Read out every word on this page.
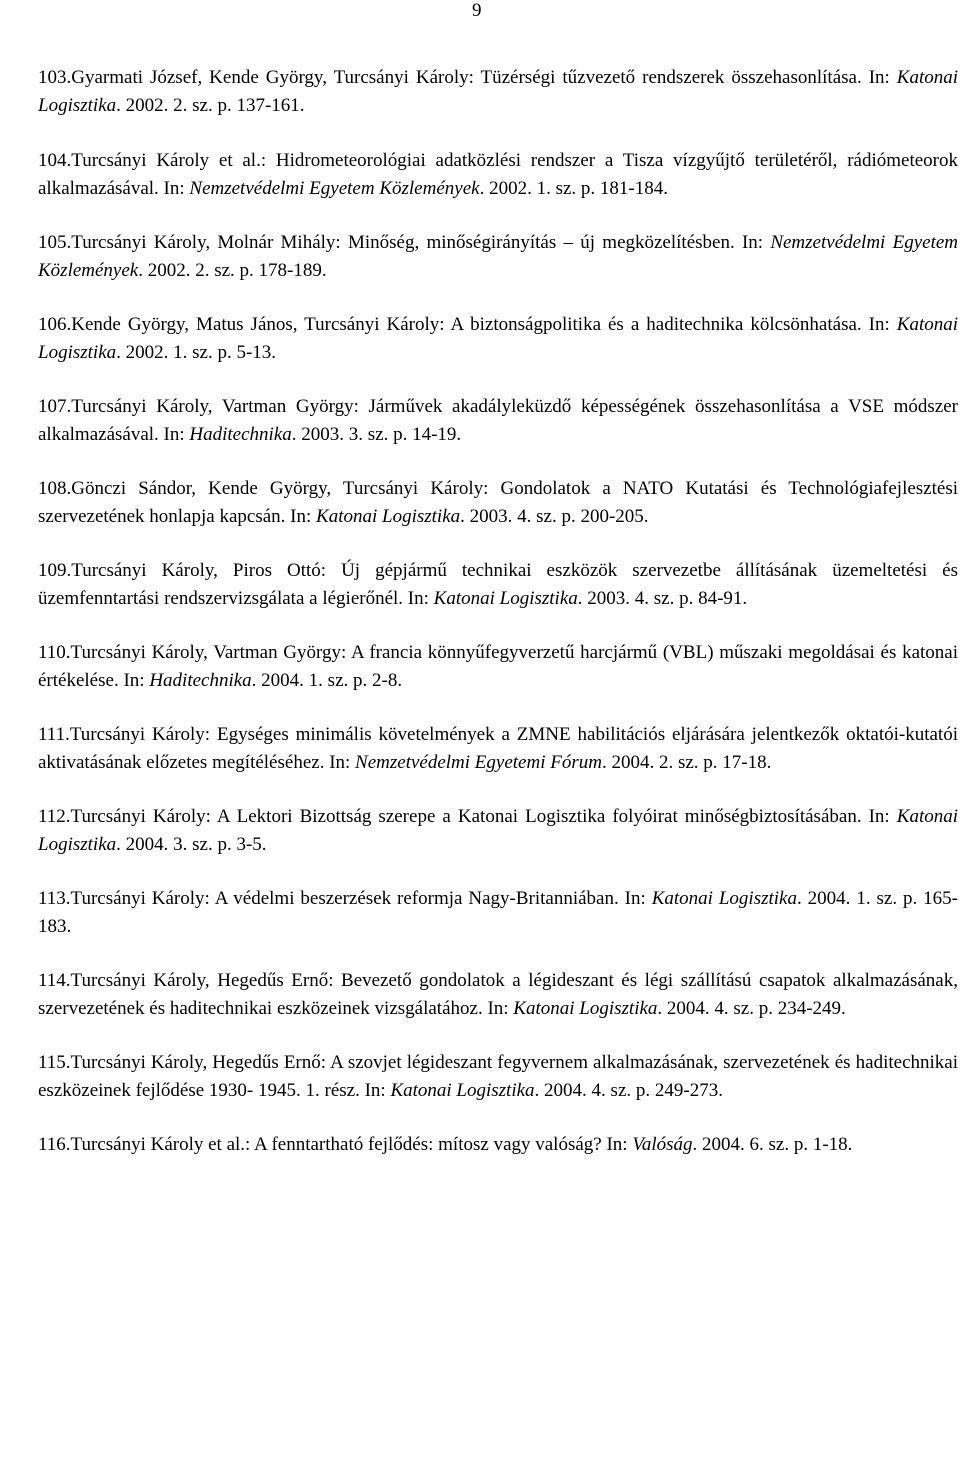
9

103.Gyarmati József, Kende György, Turcsányi Károly: Tüzérségi tűzvezető rendszerek összehasonlítása. In: Katonai Logisztika. 2002. 2. sz. p. 137-161.

104.Turcsányi Károly et al.: Hidrometeorológiai adatközlési rendszer a Tisza vízgyűjtő területéről, rádiómeteorok alkalmazásával. In: Nemzetvédelmi Egyetem Közlemények. 2002. 1. sz. p. 181-184.

105.Turcsányi Károly, Molnár Mihály: Minőség, minőségirányítás – új megközelítésben. In: Nemzetvédelmi Egyetem Közlemények. 2002. 2. sz. p. 178-189.

106.Kende György, Matus János, Turcsányi Károly: A biztonságpolitika és a haditechnika kölcsönhatása. In: Katonai Logisztika. 2002. 1. sz. p. 5-13.

107.Turcsányi Károly, Vartman György: Járművek akadályleküzdő képességének összehasonlítása a VSE módszer alkalmazásával. In: Haditechnika. 2003. 3. sz. p. 14-19.

108.Gönczi Sándor, Kende György, Turcsányi Károly: Gondolatok a NATO Kutatási és Technológiafejlesztési szervezetének honlapja kapcsán. In: Katonai Logisztika. 2003. 4. sz. p. 200-205.

109.Turcsányi Károly, Piros Ottó: Új gépjármű technikai eszközök szervezetbe állításának üzemeltetési és üzemfenntartási rendszervizsgálata a légierőnél. In: Katonai Logisztika. 2003. 4. sz. p. 84-91.

110.Turcsányi Károly, Vartman György: A francia könnyűfegyverzetű harcjármű (VBL) műszaki megoldásai és katonai értékelése. In: Haditechnika. 2004. 1. sz. p. 2-8.

111.Turcsányi Károly: Egységes minimális követelmények a ZMNE habilitációs eljárására jelentkezők oktatói-kutatói aktivatásának előzetes megítéléséhez. In: Nemzetvédelmi Egyetemi Fórum. 2004. 2. sz. p. 17-18.

112.Turcsányi Károly: A Lektori Bizottság szerepe a Katonai Logisztika folyóirat minőségbiztosításában. In: Katonai Logisztika. 2004. 3. sz. p. 3-5.

113.Turcsányi Károly: A védelmi beszerzések reformja Nagy-Britanniában. In: Katonai Logisztika. 2004. 1. sz. p. 165-183.

114.Turcsányi Károly, Hegedűs Ernő: Bevezető gondolatok a légideszant és légi szállítású csapatok alkalmazásának, szervezetének és haditechnikai eszközeinek vizsgálatához. In: Katonai Logisztika. 2004. 4. sz. p. 234-249.

115.Turcsányi Károly, Hegedűs Ernő: A szovjet légideszant fegyvernem alkalmazásának, szervezetének és haditechnikai eszközeinek fejlődése 1930- 1945. 1. rész. In: Katonai Logisztika. 2004. 4. sz. p. 249-273.

116.Turcsányi Károly et al.: A fenntartható fejlődés: mítosz vagy valóság? In: Valóság. 2004. 6. sz. p. 1-18.
